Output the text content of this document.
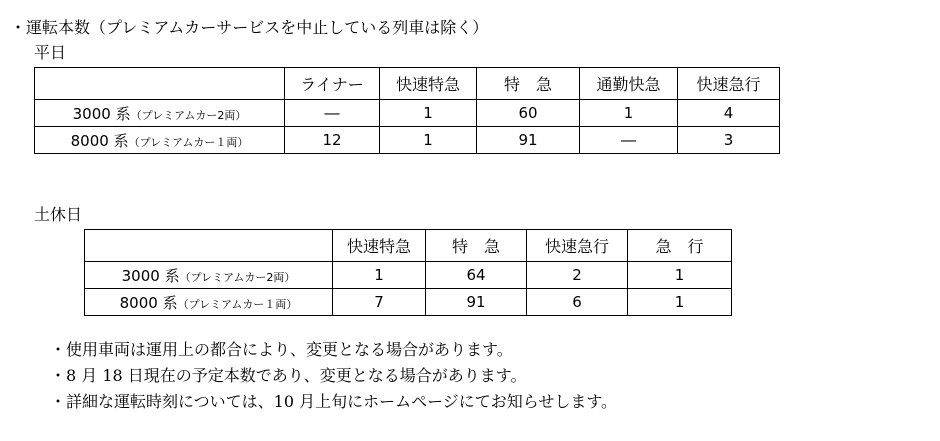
・運転本数（プレミアムカーサービスを中止している列車は除く）
平日
	ライナー	快速特急	特　急	通勤快急	快速急行
3000 系（プレミアムカー2両）	―	1	60	1	4
8000 系（プレミアムカー１両）	12	1	91	―	3
土休日
	快速特急	特　急	快速急行	急　行
3000 系（プレミアムカー2両）	1	64	2	1
8000 系（プレミアムカー１両）	7	91	6	1
・使用車両は運用上の都合により、変更となる場合があります。
・8 月 18 日現在の予定本数であり、変更となる場合があります。
・詳細な運転時刻については、10 月上旬にホームページにてお知らせします。
